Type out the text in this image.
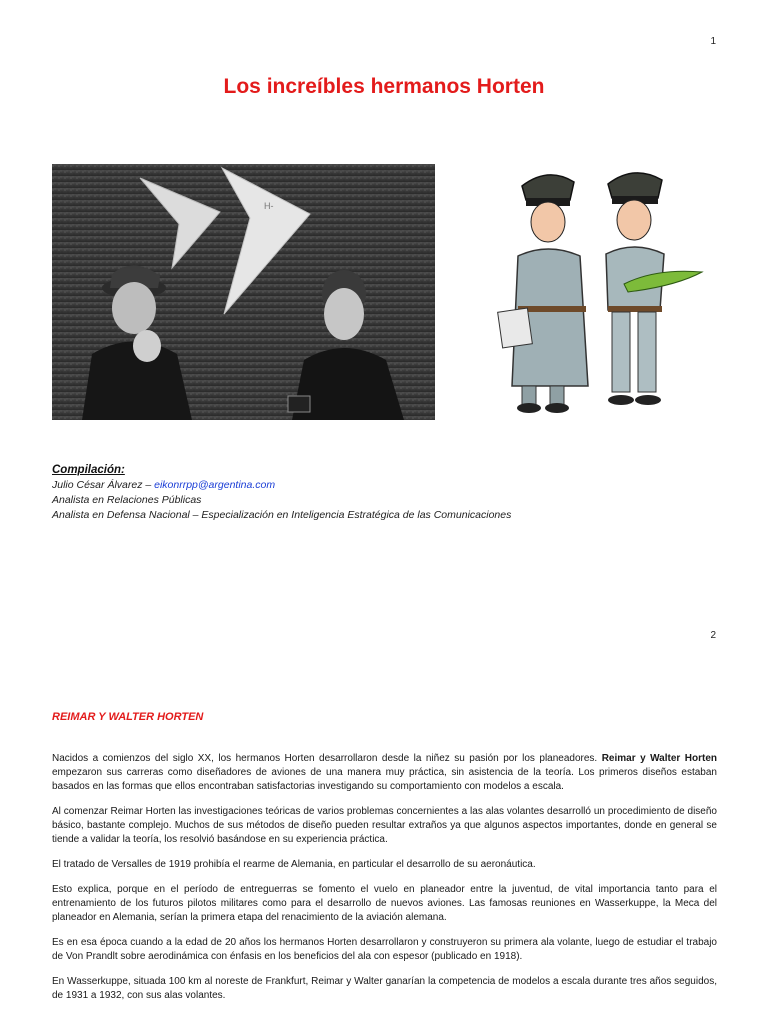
1
Los increíbles hermanos Horten
H-
Compilación:
Julio César Álvarez – eikonrrpp@argentina.com
Analista en Relaciones Públicas
Analista en Defensa Nacional – Especialización en Inteligencia Estratégica de las Comunicaciones
2
REIMAR Y WALTER HORTEN

Nacidos a comienzos del siglo XX, los hermanos Horten desarrollaron desde la niñez su pasión por los planeadores. Reimar y Walter Horten empezaron sus carreras como diseñadores de aviones de una manera muy práctica, sin asistencia de la teoría. Los primeros diseños estaban basados en las formas que ellos encontraban satisfactorias investigando su comportamiento con modelos a escala.

Al comenzar Reimar Horten las investigaciones teóricas de varios problemas concernientes a las alas volantes desarrolló un procedimiento de diseño básico, bastante complejo. Muchos de sus métodos de diseño pueden resultar extraños ya que algunos aspectos importantes, donde en general se tiende a validar la teoría, los resolvió basándose en su experiencia práctica.

El tratado de Versalles de 1919 prohibía el rearme de Alemania, en particular el desarrollo de su aeronáutica.

Esto explica, porque en el período de entreguerras se fomento el vuelo en planeador entre la juventud, de vital importancia tanto para el entrenamiento de los futuros pilotos militares como para el desarrollo de nuevos aviones. Las famosas reuniones en Wasserkuppe, la Meca del planeador en Alemania, serían la primera etapa del renacimiento de la aviación alemana.

Es en esa época cuando a la edad de 20 años los hermanos Horten desarrollaron y construyeron su primera ala volante, luego de estudiar el trabajo de Von Prandlt sobre aerodinámica con énfasis en los beneficios del ala con espesor (publicado en 1918).

En Wasserkuppe, situada 100 km al noreste de Frankfurt, Reimar y Walter ganarían la competencia de modelos a escala durante tres años seguidos, de 1931 a 1932, con sus alas volantes.
